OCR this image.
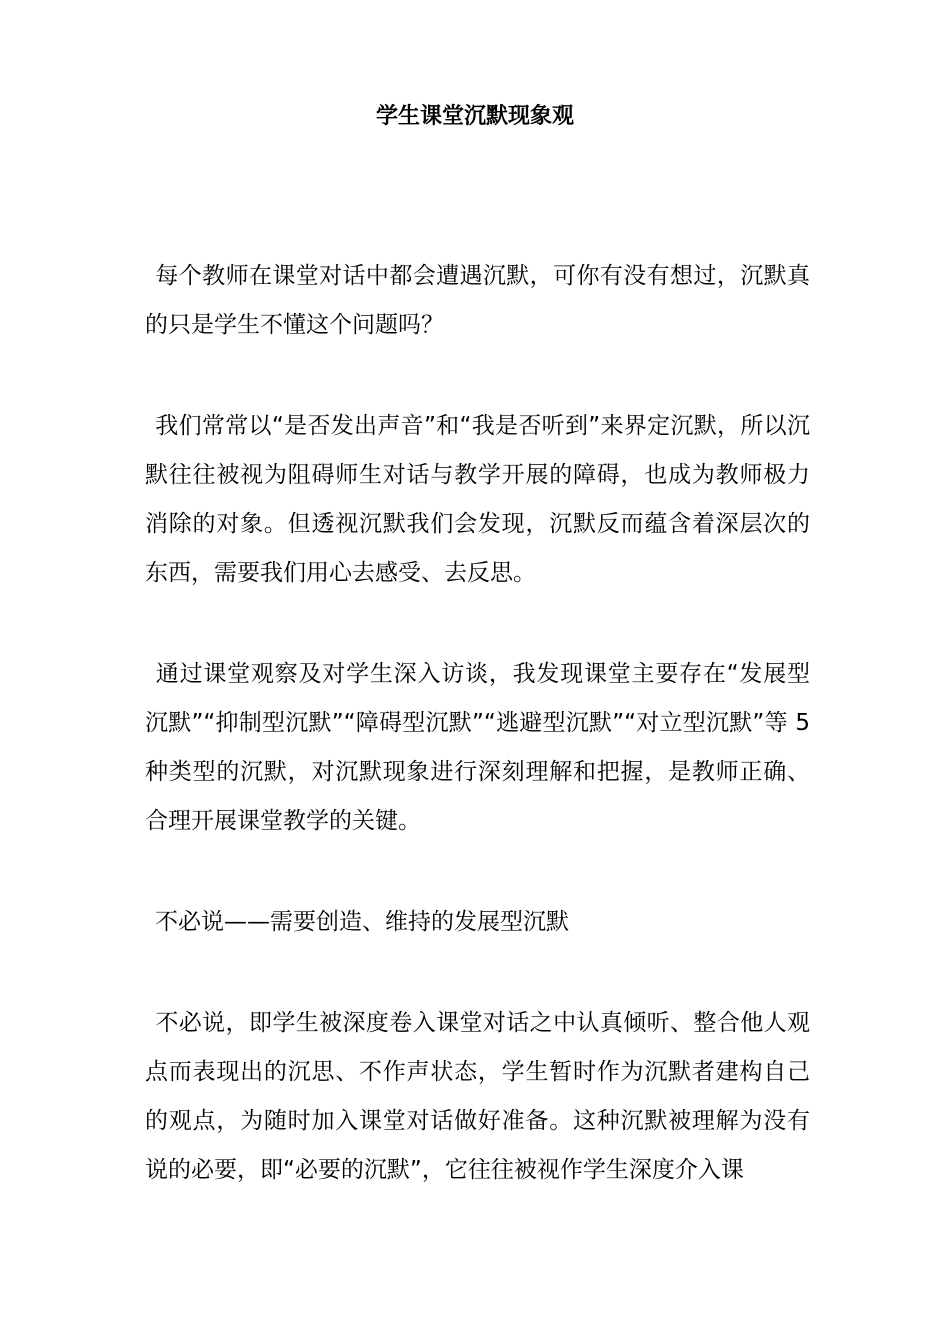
学生课堂沉默现象观

每个教师在课堂对话中都会遭遇沉默，可你有没有想过，沉默真的只是学生不懂这个问题吗？

我们常常以“是否发出声音”和“我是否听到”来界定沉默，所以沉默往往被视为阻碍师生对话与教学开展的障碍，也成为教师极力消除的对象。但透视沉默我们会发现，沉默反而蕴含着深层次的东西，需要我们用心去感受、去反思。

通过课堂观察及对学生深入访谈，我发现课堂主要存在“发展型沉默”“抑制型沉默”“障碍型沉默”“逃避型沉默”“对立型沉默”等 5 种类型的沉默，对沉默现象进行深刻理解和把握，是教师正确、合理开展课堂教学的关键。

不必说——需要创造、维持的发展型沉默

不必说，即学生被深度卷入课堂对话之中认真倾听、整合他人观点而表现出的沉思、不作声状态，学生暂时作为沉默者建构自己的观点，为随时加入课堂对话做好准备。这种沉默被理解为没有说的必要，即“必要的沉默”，它往往被视作学生深度介入课
